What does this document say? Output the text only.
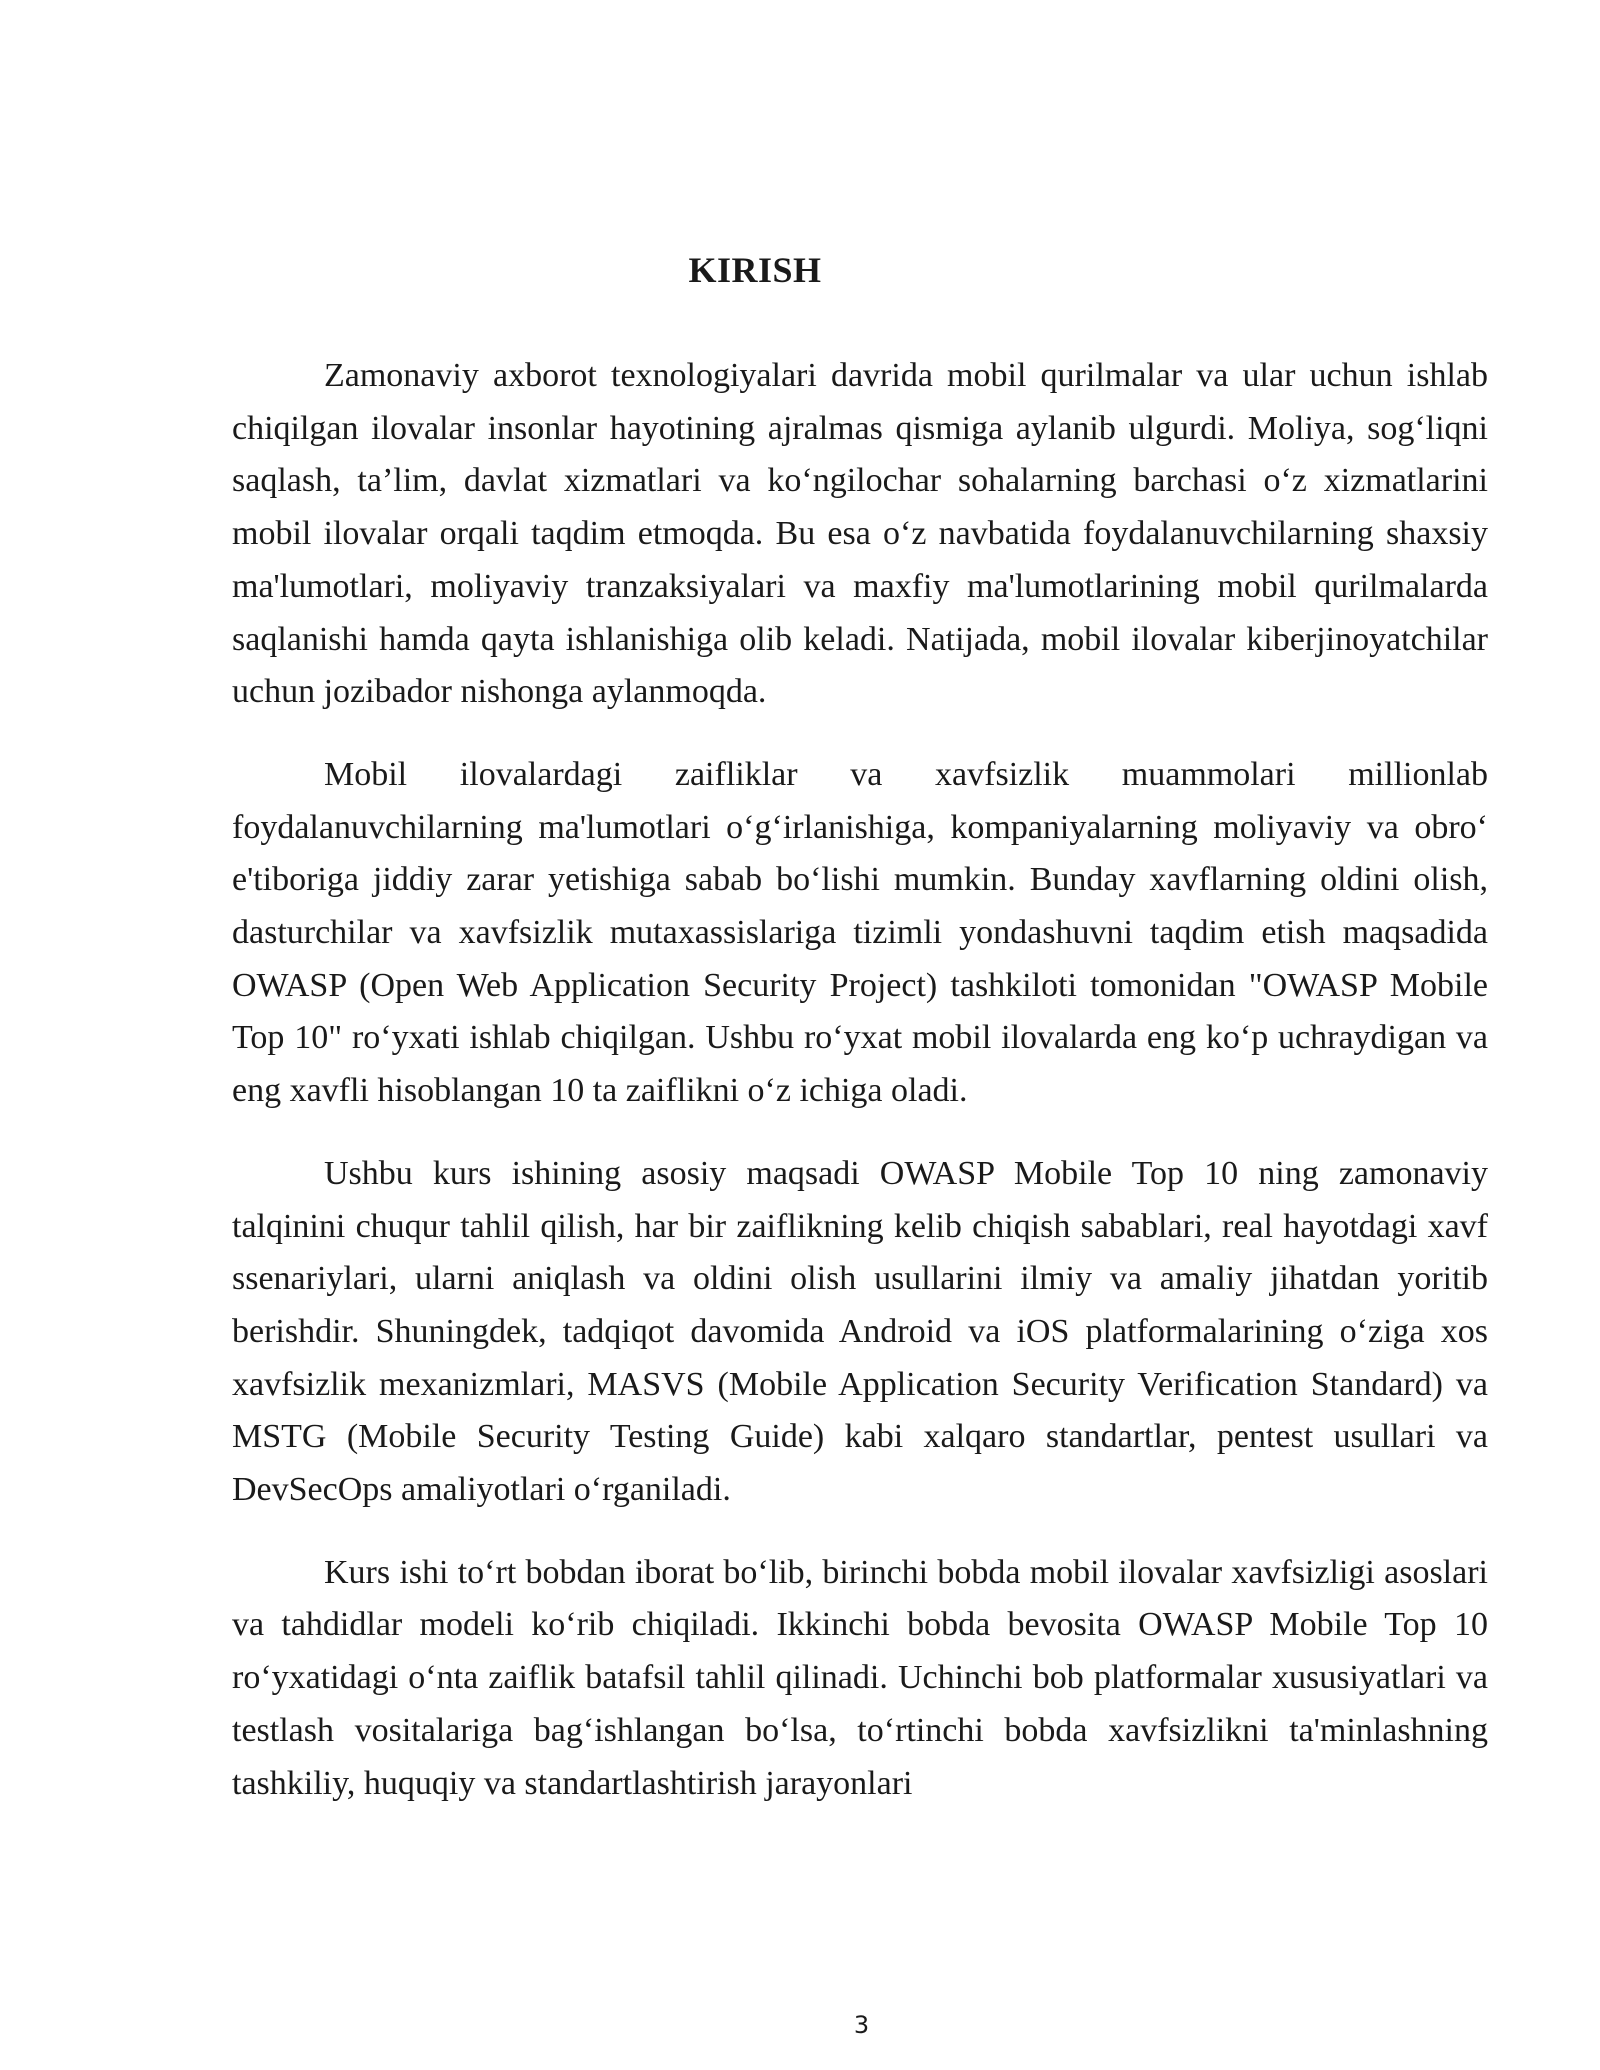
KIRISH

Zamonaviy axborot texnologiyalari davrida mobil qurilmalar va ular uchun ishlab chiqilgan ilovalar insonlar hayotining ajralmas qismiga aylanib ulgurdi. Moliya, sog‘liqni saqlash, ta’lim, davlat xizmatlari va ko‘ngilochar sohalarning barchasi o‘z xizmatlarini mobil ilovalar orqali taqdim etmoqda. Bu esa o‘z navbatida foydalanuvchilarning shaxsiy ma'lumotlari, moliyaviy tranzaksiyalari va maxfiy ma'lumotlarining mobil qurilmalarda saqlanishi hamda qayta ishlanishiga olib keladi. Natijada, mobil ilovalar kiberjinoyatchilar uchun jozibador nishonga aylanmoqda.

Mobil ilovalardagi zaifliklar va xavfsizlik muammolari millionlab foydalanuvchilarning ma'lumotlari o‘g‘irlanishiga, kompaniyalarning moliyaviy va obro‘ e'tiboriga jiddiy zarar yetishiga sabab bo‘lishi mumkin. Bunday xavflarning oldini olish, dasturchilar va xavfsizlik mutaxassislariga tizimli yondashuvni taqdim etish maqsadida OWASP (Open Web Application Security Project) tashkiloti tomonidan "OWASP Mobile Top 10" ro‘yxati ishlab chiqilgan. Ushbu ro‘yxat mobil ilovalarda eng ko‘p uchraydigan va eng xavfli hisoblangan 10 ta zaiflikni o‘z ichiga oladi.

Ushbu kurs ishining asosiy maqsadi OWASP Mobile Top 10 ning zamonaviy talqinini chuqur tahlil qilish, har bir zaiflikning kelib chiqish sabablari, real hayotdagi xavf ssenariylari, ularni aniqlash va oldini olish usullarini ilmiy va amaliy jihatdan yoritib berishdir. Shuningdek, tadqiqot davomida Android va iOS platformalarining o‘ziga xos xavfsizlik mexanizmlari, MASVS (Mobile Application Security Verification Standard) va MSTG (Mobile Security Testing Guide) kabi xalqaro standartlar, pentest usullari va DevSecOps amaliyotlari o‘rganiladi.

Kurs ishi to‘rt bobdan iborat bo‘lib, birinchi bobda mobil ilovalar xavfsizligi asoslari va tahdidlar modeli ko‘rib chiqiladi. Ikkinchi bobda bevosita OWASP Mobile Top 10 ro‘yxatidagi o‘nta zaiflik batafsil tahlil qilinadi. Uchinchi bob platformalar xususiyatlari va testlash vositalariga bag‘ishlangan bo‘lsa, to‘rtinchi bobda xavfsizlikni ta'minlashning tashkiliy, huquqiy va standartlashtirish jarayonlari

3
